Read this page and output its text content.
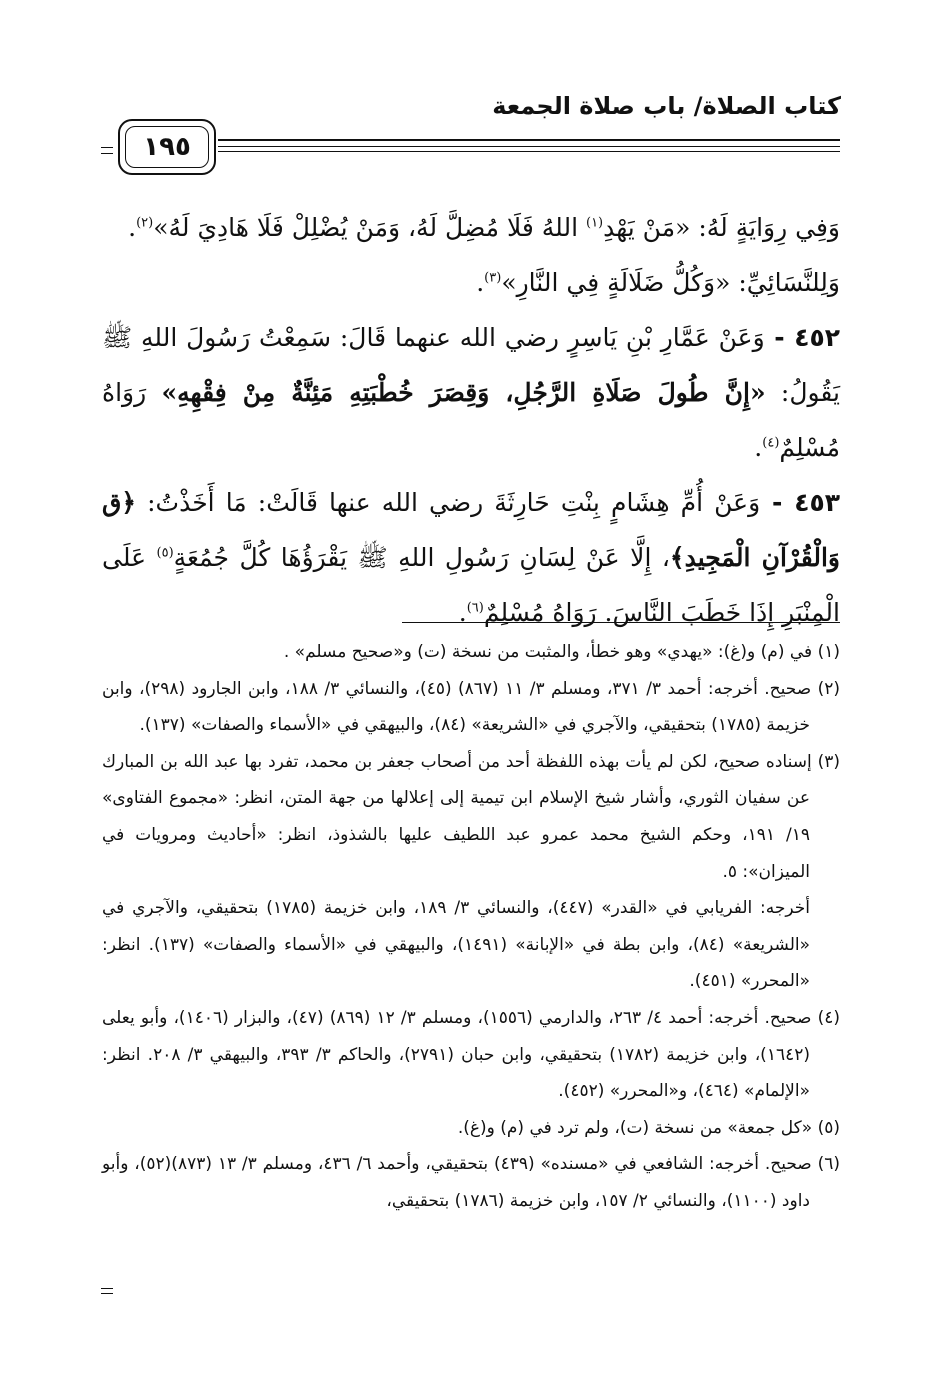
كتاب الصلاة/ باب صلاة الجمعة
١٩٥

وَفِي رِوَايَةٍ لَهُ: «مَنْ يَهْدِ$^{(١)}$ اللهُ فَلَا مُضِلَّ لَهُ، وَمَنْ يُضْلِلْ فَلَا هَادِيَ لَهُ»$^{(٢)}$.

وَلِلنَّسَائِيِّ: «وَكُلُّ ضَلَالَةٍ فِي النَّارِ»$^{(٣)}$.

٤٥٢ - وَعَنْ عَمَّارِ بْنِ يَاسِرٍ رضي الله عنهما قَالَ: سَمِعْتُ رَسُولَ اللهِ ﷺ يَقُولُ: «إِنَّ طُولَ صَلَاةِ الرَّجُلِ، وَقِصَرَ خُطْبَتِهِ مَئِنَّةٌ مِنْ فِقْهِهِ» رَوَاهُ مُسْلِمٌ$^{(٤)}$.

٤٥٣ - وَعَنْ أُمِّ هِشَامٍ بِنْتِ حَارِثَةَ رضي الله عنها قَالَتْ: مَا أَخَذْتُ: ﴿ق وَالْقُرْآنِ الْمَجِيدِ﴾، إِلَّا عَنْ لِسَانِ رَسُولِ اللهِ ﷺ يَقْرَؤُهَا كُلَّ جُمُعَةٍ$^{(٥)}$ عَلَى الْمِنْبَرِ إِذَا خَطَبَ النَّاسَ. رَوَاهُ مُسْلِمٌ$^{(٦)}$.

(١) في (م) و(غ): «يهدي» وهو خطأ، والمثبت من نسخة (ت) و«صحيح مسلم» .

(٢) صحيح. أخرجه: أحمد ٣/ ٣٧١، ومسلم ٣/ ١١ (٨٦٧) (٤٥)، والنسائي ٣/ ١٨٨، وابن الجارود (٢٩٨)، وابن خزيمة (١٧٨٥) بتحقيقي، والآجري في «الشريعة» (٨٤)، والبيهقي في «الأسماء والصفات» (١٣٧).

(٣) إسناده صحيح، لكن لم يأت بهذه اللفظة أحد من أصحاب جعفر بن محمد، تفرد بها عبد الله بن المبارك عن سفيان الثوري، وأشار شيخ الإسلام ابن تيمية إلى إعلالها من جهة المتن، انظر: «مجموع الفتاوى» ١٩/ ١٩١، وحكم الشيخ محمد عمرو عبد اللطيف عليها بالشذوذ، انظر: «أحاديث ومرويات في الميزان»: ٥.
أخرجه: الفريابي في «القدر» (٤٤٧)، والنسائي ٣/ ١٨٩، وابن خزيمة (١٧٨٥) بتحقيقي، والآجري في «الشريعة» (٨٤)، وابن بطة في «الإبانة» (١٤٩١)، والبيهقي في «الأسماء والصفات» (١٣٧). انظر: «المحرر» (٤٥١).

(٤) صحيح. أخرجه: أحمد ٤/ ٢٦٣، والدارمي (١٥٥٦)، ومسلم ٣/ ١٢ (٨٦٩) (٤٧)، والبزار (١٤٠٦)، وأبو يعلى (١٦٤٢)، وابن خزيمة (١٧٨٢) بتحقيقي، وابن حبان (٢٧٩١)، والحاكم ٣/ ٣٩٣، والبيهقي ٣/ ٢٠٨. انظر: «الإلمام» (٤٦٤)، و«المحرر» (٤٥٢).

(٥) «كل جمعة» من نسخة (ت)، ولم ترد في (م) و(غ).

(٦) صحيح. أخرجه: الشافعي في «مسنده» (٤٣٩) بتحقيقي، وأحمد ٦/ ٤٣٦، ومسلم ٣/ ١٣ (٨٧٣)(٥٢)، وأبو داود (١١٠٠)، والنسائي ٢/ ١٥٧، وابن خزيمة (١٧٨٦) بتحقيقي،
